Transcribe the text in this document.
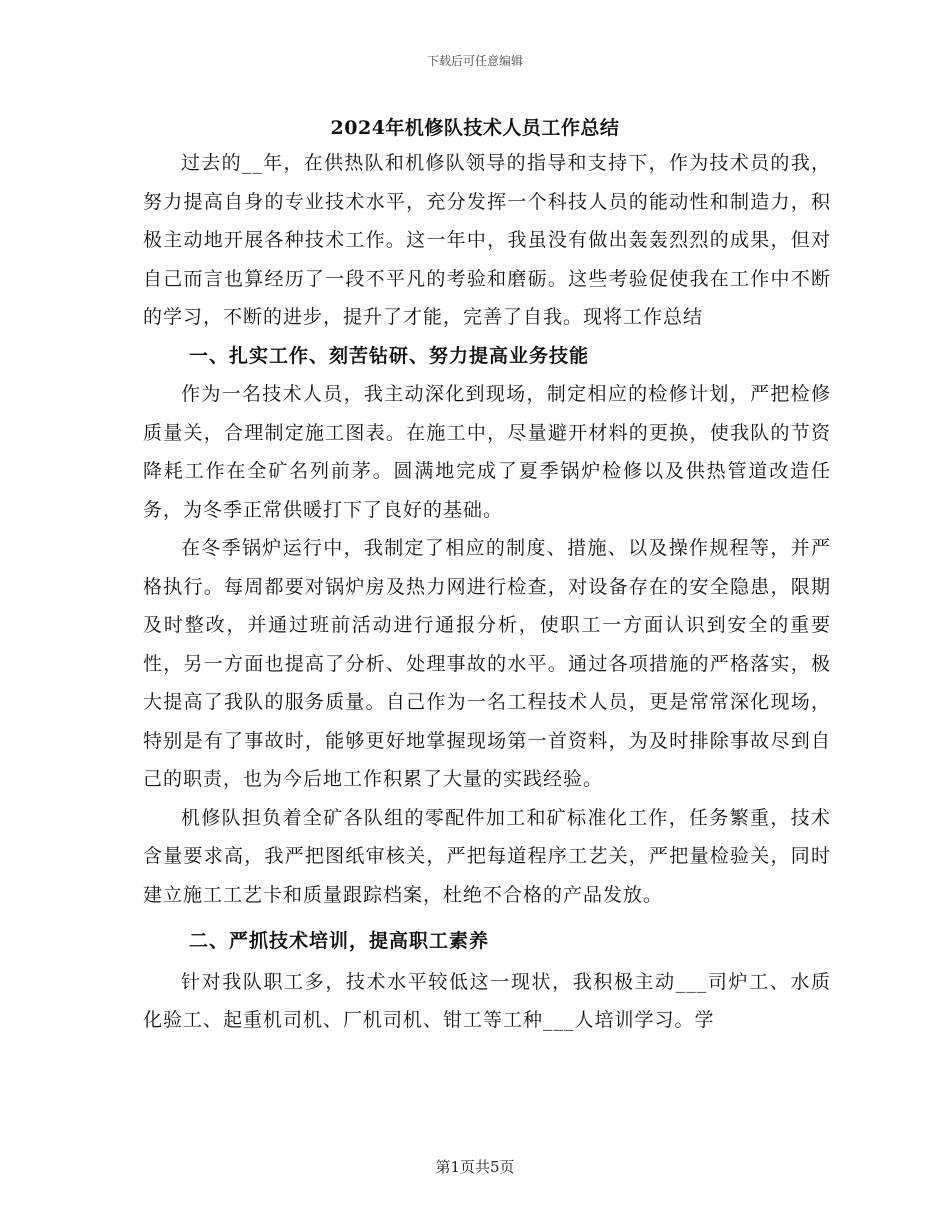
下载后可任意编辑
2024年机修队技术人员工作总结

过去的__年，在供热队和机修队领导的指导和支持下，作为技术员的我，努力提高自身的专业技术水平，充分发挥一个科技人员的能动性和制造力，积极主动地开展各种技术工作。这一年中，我虽没有做出轰轰烈烈的成果，但对自己而言也算经历了一段不平凡的考验和磨砺。这些考验促使我在工作中不断的学习，不断的进步，提升了才能，完善了自我。现将工作总结

一、扎实工作、刻苦钻研、努力提高业务技能

作为一名技术人员，我主动深化到现场，制定相应的检修计划，严把检修质量关，合理制定施工图表。在施工中，尽量避开材料的更换，使我队的节资降耗工作在全矿名列前茅。圆满地完成了夏季锅炉检修以及供热管道改造任务，为冬季正常供暖打下了良好的基础。

在冬季锅炉运行中，我制定了相应的制度、措施、以及操作规程等，并严格执行。每周都要对锅炉房及热力网进行检查，对设备存在的安全隐患，限期及时整改，并通过班前活动进行通报分析，使职工一方面认识到安全的重要性，另一方面也提高了分析、处理事故的水平。通过各项措施的严格落实，极大提高了我队的服务质量。自己作为一名工程技术人员，更是常常深化现场，特别是有了事故时，能够更好地掌握现场第一首资料，为及时排除事故尽到自己的职责，也为今后地工作积累了大量的实践经验。

机修队担负着全矿各队组的零配件加工和矿标准化工作，任务繁重，技术含量要求高，我严把图纸审核关，严把每道程序工艺关，严把量检验关，同时建立施工工艺卡和质量跟踪档案，杜绝不合格的产品发放。

二、严抓技术培训，提高职工素养

针对我队职工多，技术水平较低这一现状，我积极主动___司炉工、水质化验工、起重机司机、厂机司机、钳工等工种___人培训学习。学

第1页共5页
